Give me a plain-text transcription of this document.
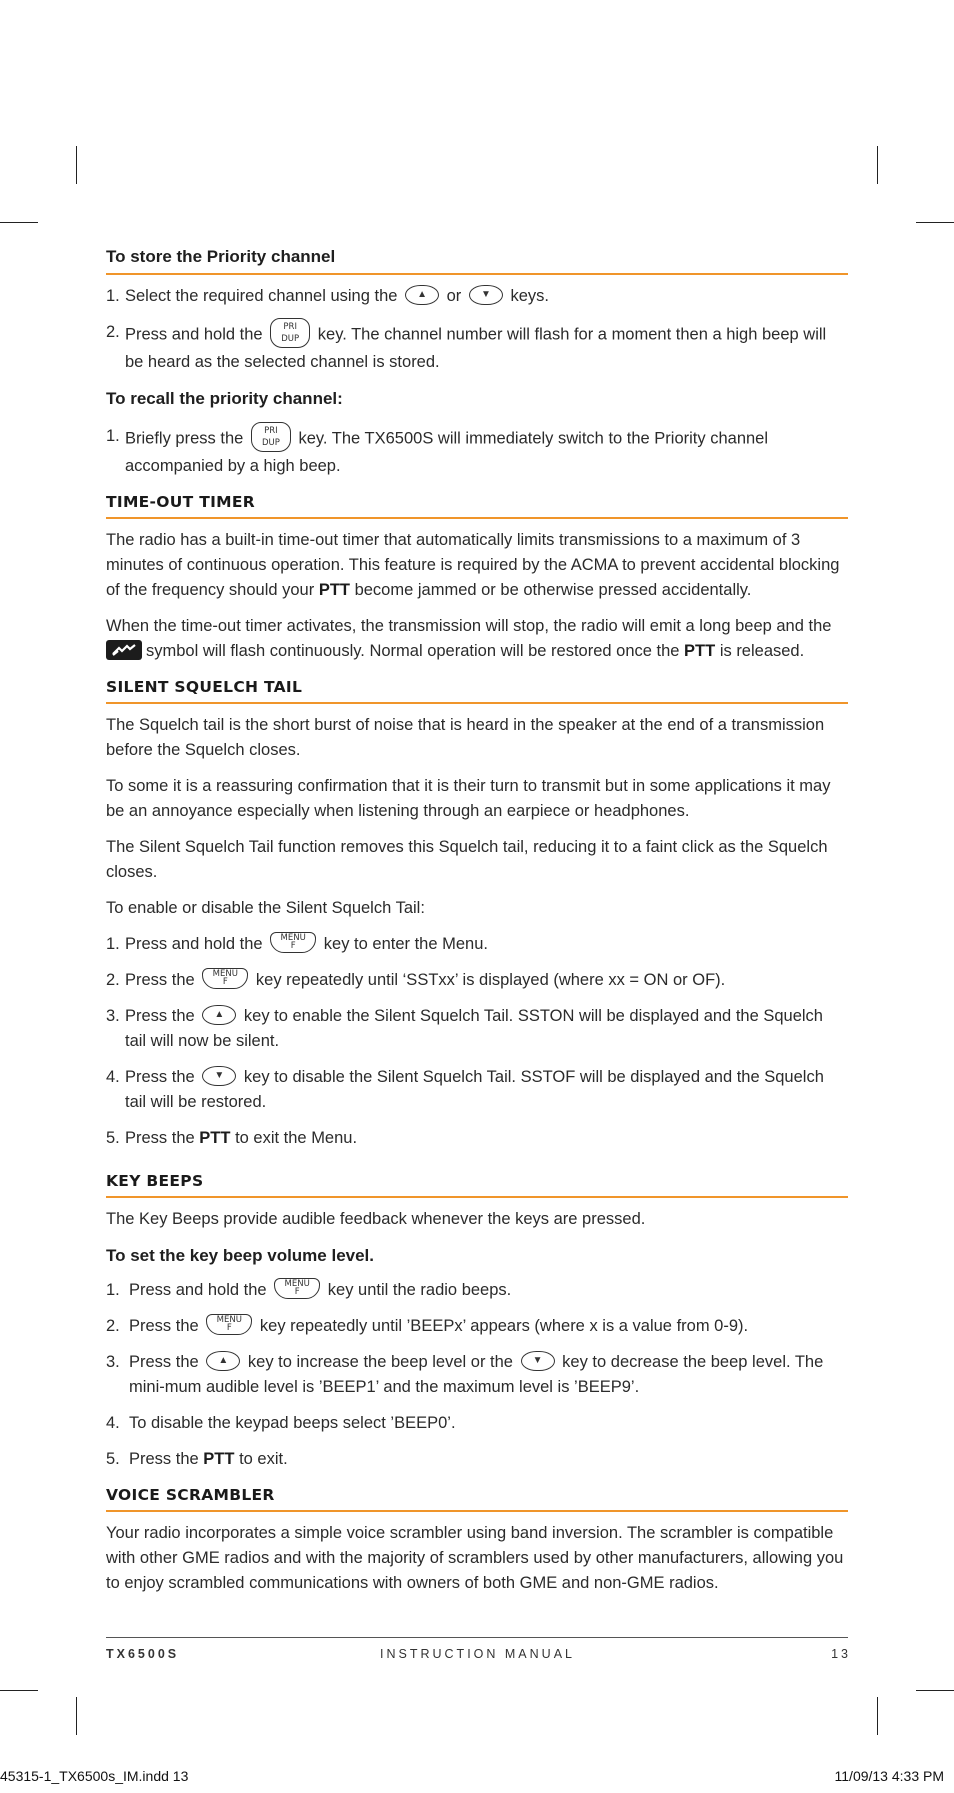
To store the Priority channel
1. Select the required channel using the ▲ or ▼ keys.
2. Press and hold the PRI
DUP key. The channel number will flash for a moment then a high beep will be heard as the selected channel is stored.
To recall the priority channel:
1. Briefly press the PRI
DUP key. The TX6500S will immediately switch to the Priority channel accompanied by a high beep.
TIME-OUT TIMER

The radio has a built-in time-out timer that automatically limits transmissions to a maximum of 3 minutes of continuous operation. This feature is required by the ACMA to prevent accidental blocking of the frequency should your PTT become jammed or be otherwise pressed accidentally.

When the time-out timer activates, the transmission will stop, the radio will emit a long beep and the symbol will flash continuously. Normal operation will be restored once the PTT is released.

SILENT SQUELCH TAIL

The Squelch tail is the short burst of noise that is heard in the speaker at the end of a transmission before the Squelch closes.

To some it is a reassuring confirmation that it is their turn to transmit but in some applications it may be an annoyance especially when listening through an earpiece or headphones.

The Silent Squelch Tail function removes this Squelch tail, reducing it to a faint click as the Squelch closes.

To enable or disable the Silent Squelch Tail:

1. Press and hold the MENU
F key to enter the Menu.
2. Press the MENU
F key repeatedly until ‘SSTxx’ is displayed (where xx = ON or OF).
3. Press the ▲ key to enable the Silent Squelch Tail. SSTON will be displayed and the Squelch tail will now be silent.
4. Press the ▼ key to disable the Silent Squelch Tail. SSTOF will be displayed and the Squelch tail will be restored.
5. Press the PTT to exit the Menu.
KEY BEEPS

The Key Beeps provide audible feedback whenever the keys are pressed.

To set the key beep volume level.
1. Press and hold the MENU
F key until the radio beeps.
2. Press the MENU
F key repeatedly until ’BEEPx’ appears (where x is a value from 0-9).
3. Press the ▲ key to increase the beep level or the ▼ key to decrease the beep level. The mini-mum audible level is ’BEEP1’ and the maximum level is ’BEEP9’.
4. To disable the keypad beeps select ’BEEP0’.
5. Press the PTT to exit.
VOICE SCRAMBLER

Your radio incorporates a simple voice scrambler using band inversion. The scrambler is compatible with other GME radios and with the majority of scramblers used by other manufacturers, allowing you to enjoy scrambled communications with owners of both GME and non-GME radios.

TX6500S	INSTRUCTION MANUAL	13
45315-1_TX6500s_IM.indd 13	11/09/13 4:33 PM
